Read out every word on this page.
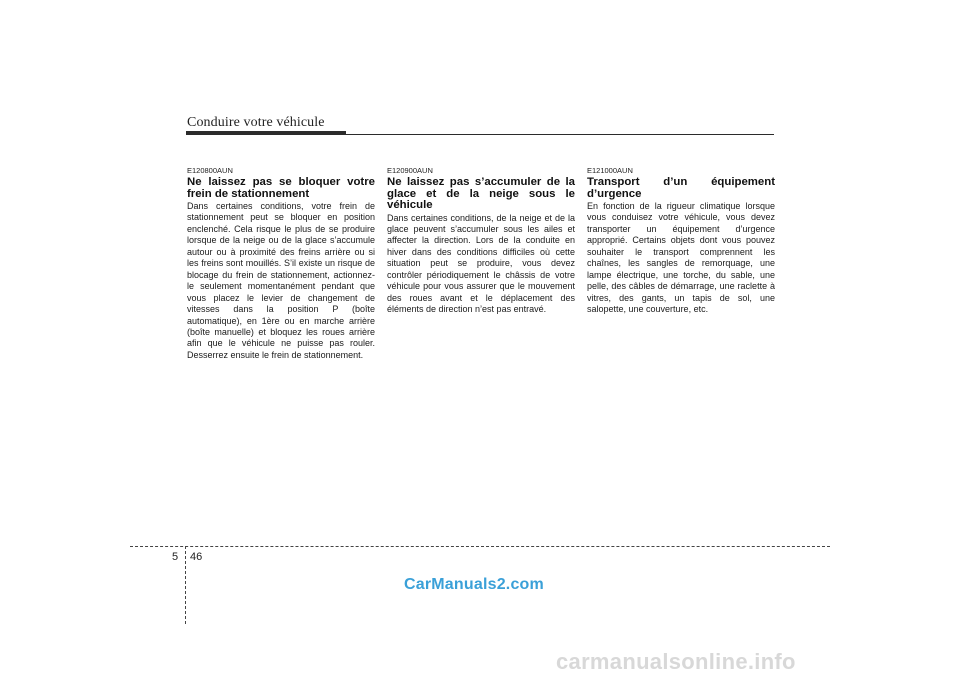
Conduire votre véhicule
E120800AUN
Ne laissez pas se bloquer votre frein de stationnement

Dans certaines conditions, votre frein de stationnement peut se bloquer en position enclenché. Cela risque le plus de se produire lorsque de la neige ou de la glace s’accumule autour ou à proximité des freins arrière ou si les freins sont mouillés. S’il existe un risque de blocage du frein de stationnement, actionnez-le seulement momentanément pendant que vous placez le levier de changement de vitesses dans la position P (boîte automatique), en 1ère ou en marche arrière (boîte manuelle) et bloquez les roues arrière afin que le véhicule ne puisse pas rouler. Desserrez ensuite le frein de stationnement.

E120900AUN
Ne laissez pas s’accumuler de la glace et de la neige sous le véhicule

Dans certaines conditions, de la neige et de la glace peuvent s’accumuler sous les ailes et affecter la direction. Lors de la conduite en hiver dans des conditions difficiles où cette situation peut se produire, vous devez contrôler périodiquement le châssis de votre véhicule pour vous assurer que le mouvement des roues avant et le déplacement des éléments de direction n’est pas entravé.

E121000AUN
Transport d’un équipement d’urgence

En fonction de la rigueur climatique lorsque vous conduisez votre véhicule, vous devez transporter un équipement d’urgence approprié. Certains objets dont vous pouvez souhaiter le transport comprennent les chaînes, les sangles de remorquage, une lampe électrique, une torche, du sable, une pelle, des câbles de démarrage, une raclette à vitres, des gants, un tapis de sol, une salopette, une couverture, etc.

5 46
CarManuals2.com
carmanualsonline.info
